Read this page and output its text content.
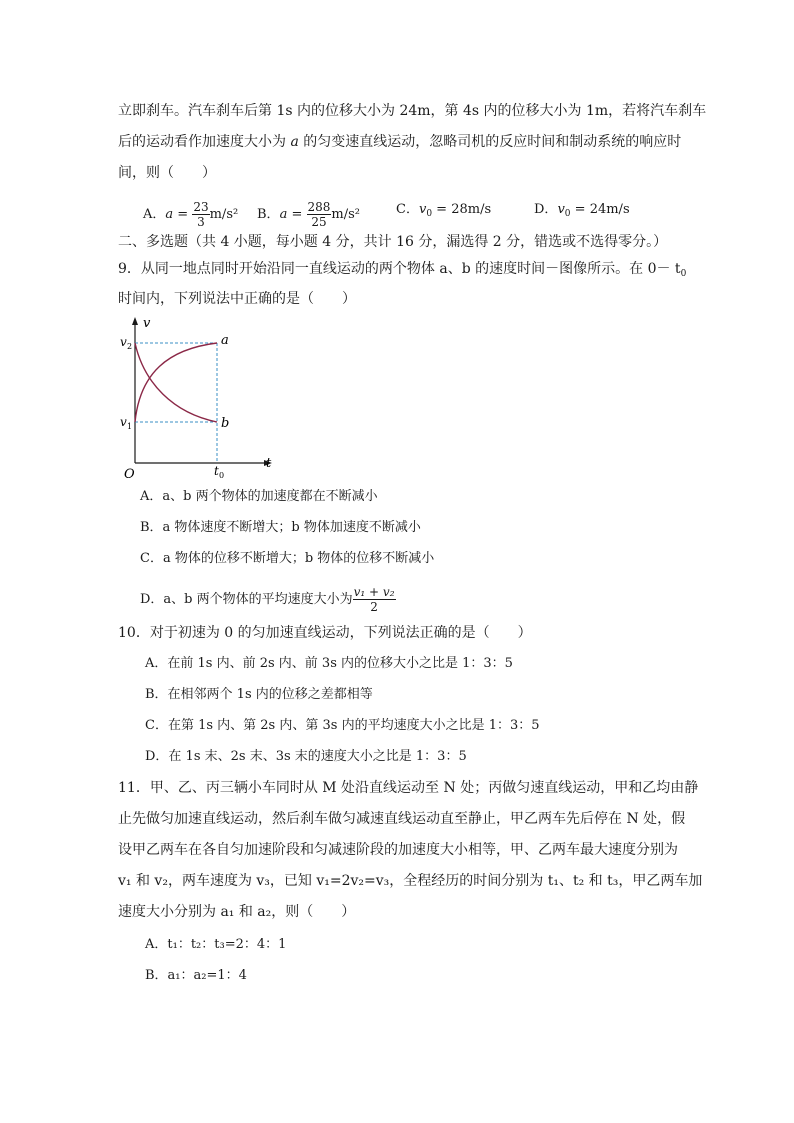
立即刹车。汽车刹车后第 1s 内的位移大小为 24m，第 4s 内的位移大小为 1m，若将汽车刹车
后的运动看作加速度大小为 a 的匀变速直线运动，忽略司机的反应时间和制动系统的响应时
间，则（　　）
A．$a = \frac{23}{3} m/s^2$ B．$a = \frac{288}{25} m/s^2$	C．$v_0 = 28m/s$	D．$v_0 = 24m/s$
二、多选题（共 4 小题，每小题 4 分，共计 16 分，漏选得 2 分，错选或不选得零分。）
9．从同一地点同时开始沿同一直线运动的两个物体 a、b 的速度时间－图像所示。在 $0- t_0$
时间内，下列说法中正确的是（　　）
v
t
O
v 2
v 1
t 0
a
b
A．a、b 两个物体的加速度都在不断减小
B．a 物体速度不断增大；b 物体加速度不断减小
C．a 物体的位移不断增大；b 物体的位移不断减小
D．a、b 两个物体的平均速度大小为 $\frac{\text{v₁ + v₂}}{2}$
10．对于初速为 0 的匀加速直线运动，下列说法正确的是（　　）
A．在前 1s 内、前 2s 内、前 3s 内的位移大小之比是 1：3：5
B．在相邻两个 1s 内的位移之差都相等
C．在第 1s 内、第 2s 内、第 3s 内的平均速度大小之比是 1：3：5
D．在 1s 末、2s 末、3s 末的速度大小之比是 1：3：5
11．甲、乙、丙三辆小车同时从 M 处沿直线运动至 N 处；丙做匀速直线运动，甲和乙均由静
止先做匀加速直线运动，然后刹车做匀减速直线运动直至静止，甲乙两车先后停在 N 处，假
设甲乙两车在各自匀加速阶段和匀减速阶段的加速度大小相等，甲、乙两车最大速度分别为
v₁ 和 v₂，两车速度为 v₃，已知 v₁=2v₂=v₃，全程经历的时间分别为 t₁、t₂ 和 t₃，甲乙两车加
速度大小分别为 a₁ 和 a₂，则（　　）
A．t₁：t₂：t₃=2：4：1
B．a₁：a₂=1：4
